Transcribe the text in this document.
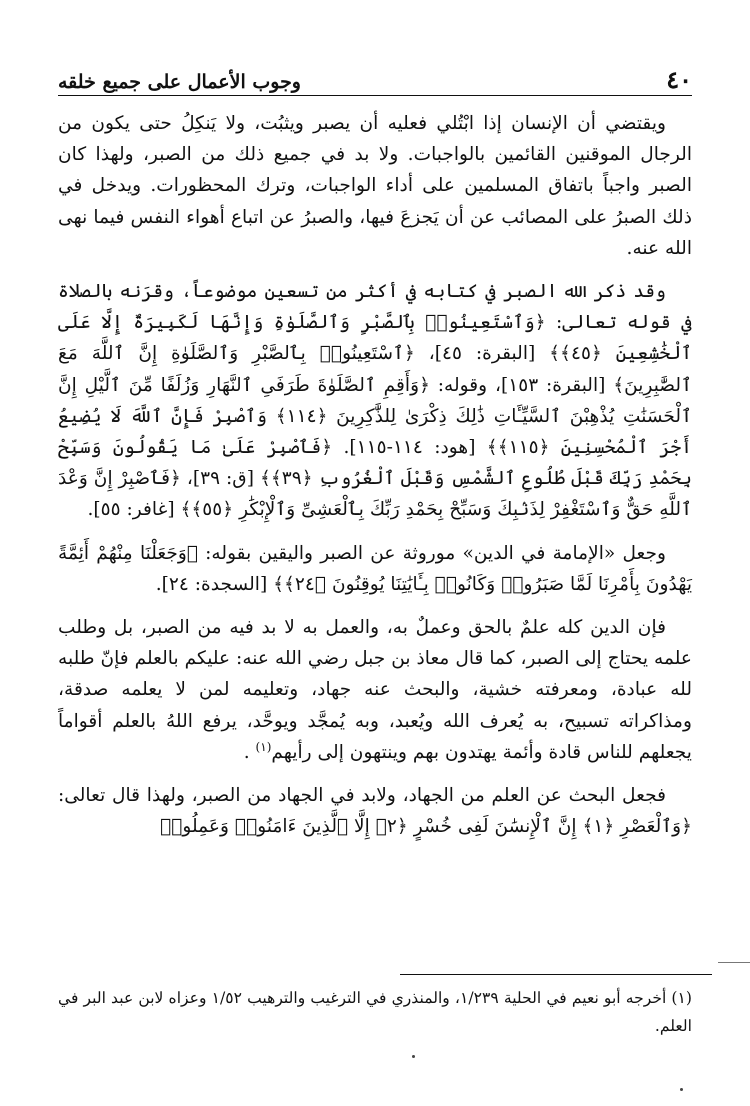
٤٠
وجوب الأعمال على جميع خلقه

ويقتضي أن الإنسان إذا ابْتُلي فعليه أن يصبر ويثبُت، ولا يَنكِلُ حتى يكون من الرجال الموقنين القائمين بالواجبات. ولا بد في جميع ذلك من الصبر، ولهذا كان الصبر واجباً باتفاق المسلمين على أداء الواجبات، وترك المحظورات. ويدخل في ذلك الصبرُ على المصائب عن أن يَجزعَ فيها، والصبرُ عن اتباع أهواء النفس فيما نهى الله عنه.

وقد ذكر الله الصبر في كتابه في أكثر من تسعين موضوعاً، وقرَنه بالصلاة في قوله تعالى: ﴿وَٱسْتَعِينُوا۟ بِٱلصَّبْرِ وَٱلصَّلَوٰةِ وَإِنَّهَا لَكَبِيرَةٌ إِلَّا عَلَى ٱلْخَٰشِعِينَ ﴿٤٥﴾﴾ [البقرة: ٤٥]، ﴿ٱسْتَعِينُوا۟ بِٱلصَّبْرِ وَٱلصَّلَوٰةِ إِنَّ ٱللَّهَ مَعَ ٱلصَّٰبِرِينَ﴾ [البقرة: ١٥٣]، وقوله: ﴿وَأَقِمِ ٱلصَّلَوٰةَ طَرَفَىِ ٱلنَّهَارِ وَزُلَفًا مِّنَ ٱلَّيْلِ إِنَّ ٱلْحَسَنَٰتِ يُذْهِبْنَ ٱلسَّيِّـَٔاتِ ذَٰلِكَ ذِكْرَىٰ لِلذَّٰكِرِينَ ﴿١١٤﴾ وَٱصْبِرْ فَإِنَّ ٱللَّهَ لَا يُضِيعُ أَجْرَ ٱلْمُحْسِنِينَ ﴿١١٥﴾﴾ [هود: ١١٤-١١٥]. ﴿فَٱصْبِرْ عَلَىٰ مَا يَقُولُونَ وَسَبِّحْ بِحَمْدِ رَبِّكَ قَبْلَ طُلُوعِ ٱلشَّمْسِ وَقَبْلَ ٱلْغُرُوبِ ﴿٣٩﴾﴾ [ق: ٣٩]، ﴿فَٱصْبِرْ إِنَّ وَعْدَ ٱللَّهِ حَقٌّ وَٱسْتَغْفِرْ لِذَنۢبِكَ وَسَبِّحْ بِحَمْدِ رَبِّكَ بِٱلْعَشِىِّ وَٱلْإِبْكَٰرِ ﴿٥٥﴾﴾ [غافر: ٥٥].

وجعل «الإمامة في الدين» موروثة عن الصبر واليقين بقوله: ﴿وَجَعَلْنَا مِنْهُمْ أَئِمَّةً يَهْدُونَ بِأَمْرِنَا لَمَّا صَبَرُوا۟ وَكَانُوا۟ بِـَٔايَٰتِنَا يُوقِنُونَ ﴿٢٤﴾﴾ [السجدة: ٢٤].

فإن الدين كله علمٌ بالحق وعملٌ به، والعمل به لا بد فيه من الصبر، بل وطلب علمه يحتاج إلى الصبر، كما قال معاذ بن جبل رضي الله عنه: عليكم بالعلم فإنّ طلبه لله عبادة، ومعرفته خشية، والبحث عنه جهاد، وتعليمه لمن لا يعلمه صدقة، ومذاكراته تسبيح، به يُعرف الله ويُعبد، وبه يُمجَّد ويوحَّد، يرفع اللهُ بالعلم أقواماً يجعلهم للناس قادة وأئمة يهتدون بهم وينتهون إلى رأيهم$^{(١)}$ .

فجعل البحث عن العلم من الجهاد، ولابد في الجهاد من الصبر، ولهذا قال تعالى: ﴿وَٱلْعَصْرِ ﴿١﴾ إِنَّ ٱلْإِنسَٰنَ لَفِى خُسْرٍ ﴿٢﴾ إِلَّا ٱلَّذِينَ ءَامَنُوا۟ وَعَمِلُوا۟

(١) أخرجه أبو نعيم في الحلية ١/٢٣٩، والمنذري في الترغيب والترهيب ١/٥٢ وعزاه لابن عبد البر في العلم.
